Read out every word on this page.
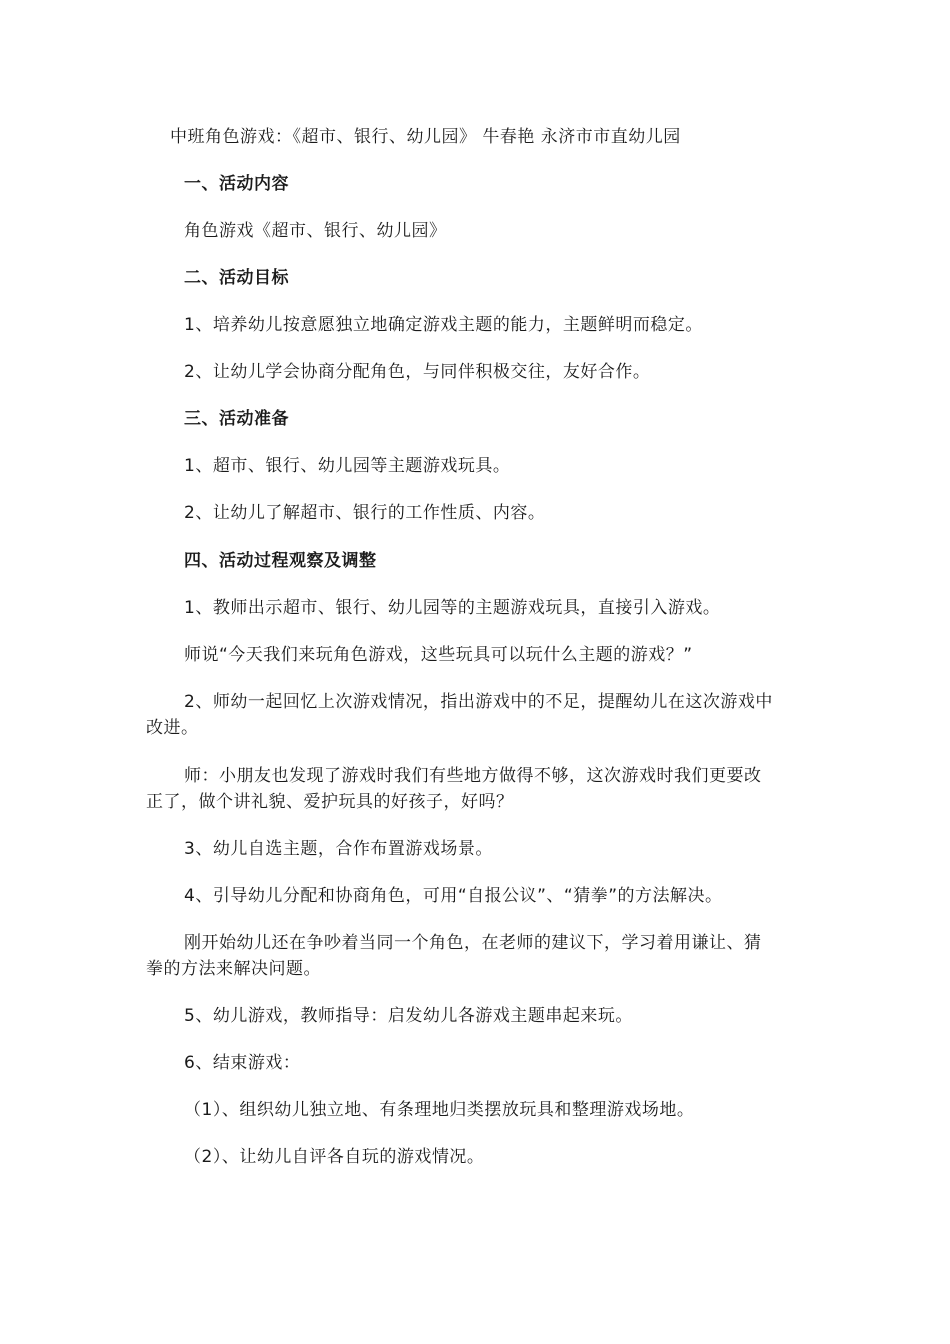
中班角色游戏：《超市、银行、幼儿园》 牛春艳 永济市市直幼儿园
一、活动内容
角色游戏《超市、银行、幼儿园》
二、活动目标
1、培养幼儿按意愿独立地确定游戏主题的能力，主题鲜明而稳定。
2、让幼儿学会协商分配角色，与同伴积极交往，友好合作。
三、活动准备
1、超市、银行、幼儿园等主题游戏玩具。
2、让幼儿了解超市、银行的工作性质、内容。
四、活动过程观察及调整
1、教师出示超市、银行、幼儿园等的主题游戏玩具，直接引入游戏。
师说“今天我们来玩角色游戏，这些玩具可以玩什么主题的游戏？”
2、师幼一起回忆上次游戏情况，指出游戏中的不足，提醒幼儿在这次游戏中
改进。
师：小朋友也发现了游戏时我们有些地方做得不够，这次游戏时我们更要改
正了，做个讲礼貌、爱护玩具的好孩子，好吗？
3、幼儿自选主题，合作布置游戏场景。
4、引导幼儿分配和协商角色，可用“自报公议”、“猜拳”的方法解决。
刚开始幼儿还在争吵着当同一个角色，在老师的建议下，学习着用谦让、猜
拳的方法来解决问题。
5、幼儿游戏，教师指导：启发幼儿各游戏主题串起来玩。
6、结束游戏：
（1）、组织幼儿独立地、有条理地归类摆放玩具和整理游戏场地。
（2）、让幼儿自评各自玩的游戏情况。
